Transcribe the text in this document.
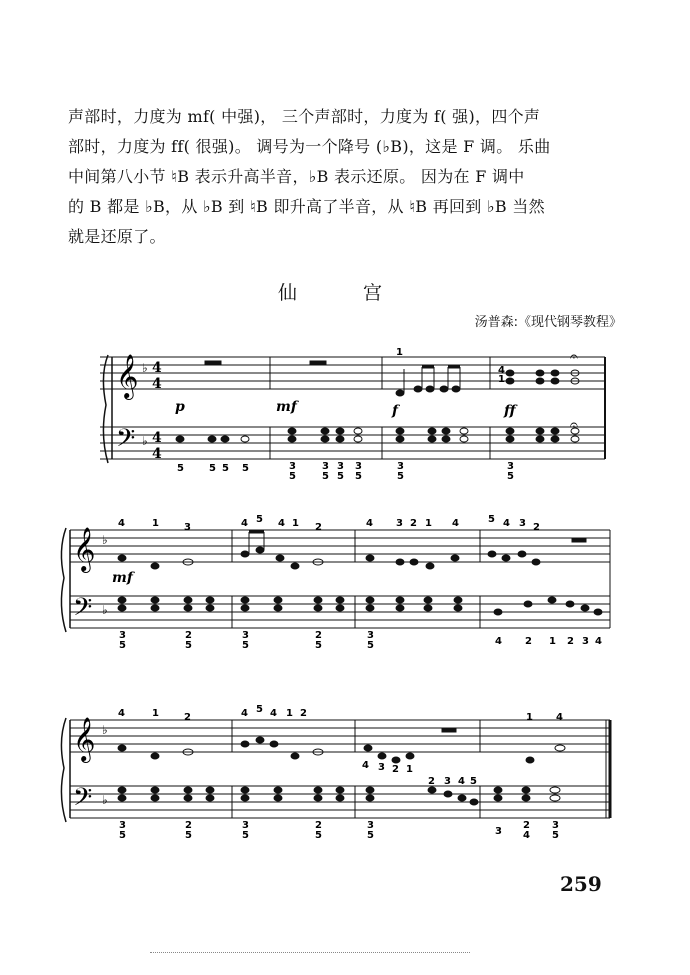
声部时，力度为 mf( 中强)， 三个声部时，力度为 f( 强)，四个声
部时，力度为 ff( 很强)。 调号为一个降号 (♭B)，这是 F 调。 乐曲
中间第八小节 ♮B 表示升高半音，♭B 表示还原。 因为在 F 调中
的 B 都是 ♭B，从 ♭B 到 ♮B 即升高了半音，从 ♮B 再回到 ♭B 当然
就是还原了。
仙 宫
汤普森:《现代钢琴教程》
𝄞
𝄢
♭
♭
4
4
4
4
p	mf	f	ff
1
4
1
5	5 5 5	3
5
3
5
3
5
3
5
3
5
3
5
𝄐
𝄐
𝄞
𝄢
♭
♭
mf
4	1	3	4 5 4 1 2	4 3 2 1 4	5 4 3 2
3
5
2
5
3
5
2
5
3
5	4 2 1 2 3 4
𝄞
𝄢
♭
♭
4	1	2	4 5 4 1 2
4 3 2 1
1 4
3
5
2
5
3
5
2
5
3
5
2 3 4 5
3
2
4
3
5
259
